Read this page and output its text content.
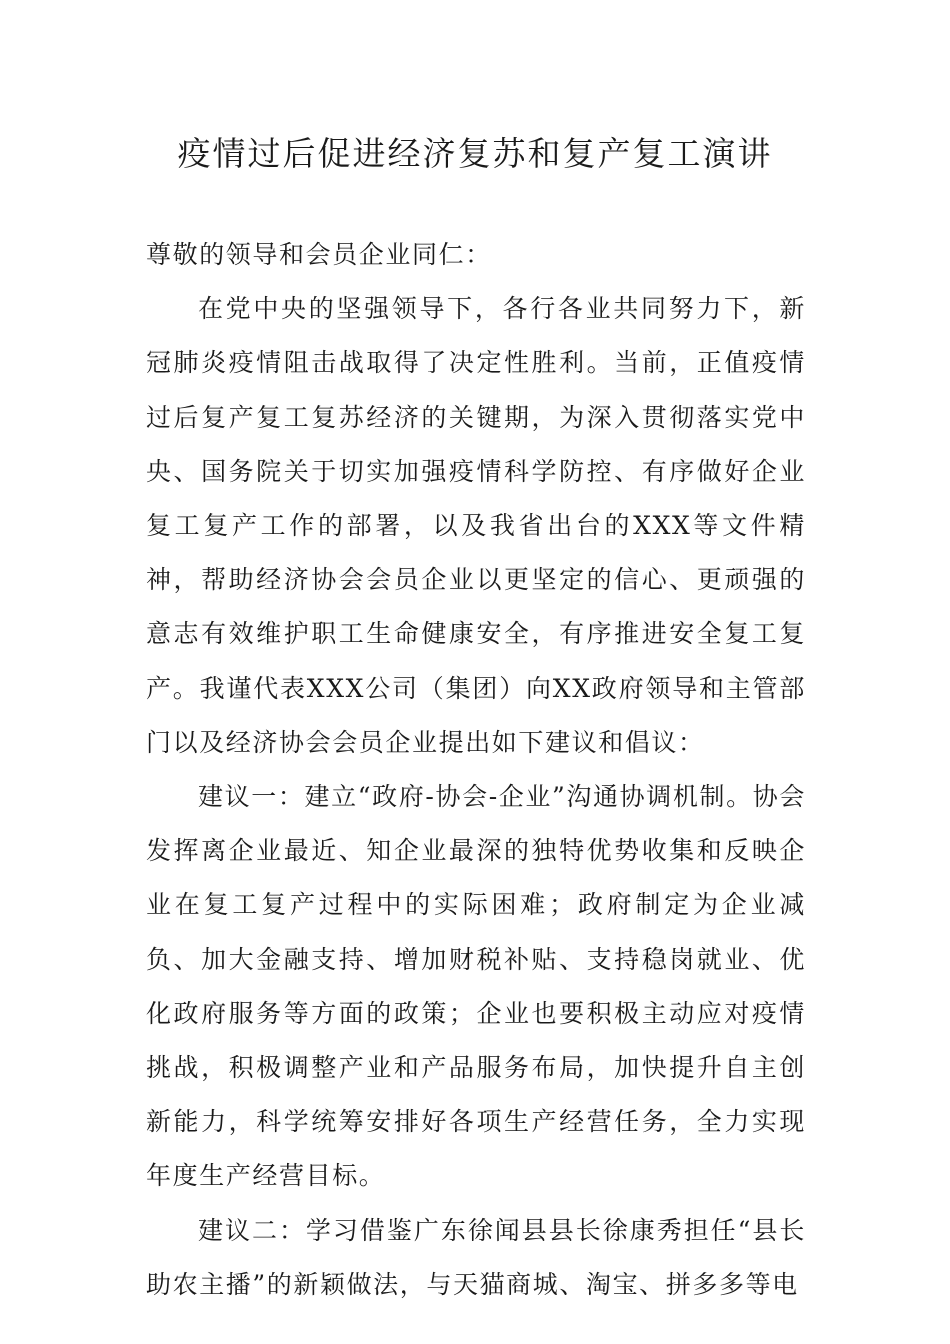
疫情过后促进经济复苏和复产复工演讲

尊敬的领导和会员企业同仁：

在党中央的坚强领导下，各行各业共同努力下，新冠肺炎疫情阻击战取得了决定性胜利。当前，正值疫情过后复产复工复苏经济的关键期，为深入贯彻落实党中央、国务院关于切实加强疫情科学防控、有序做好企业复工复产工作的部署，以及我省出台的XXX等文件精神，帮助经济协会会员企业以更坚定的信心、更顽强的意志有效维护职工生命健康安全，有序推进安全复工复产。我谨代表XXX公司（集团）向XX政府领导和主管部门以及经济协会会员企业提出如下建议和倡议：

建议一：建立“政府-协会-企业”沟通协调机制。协会发挥离企业最近、知企业最深的独特优势收集和反映企业在复工复产过程中的实际困难；政府制定为企业减负、加大金融支持、增加财税补贴、支持稳岗就业、优化政府服务等方面的政策；企业也要积极主动应对疫情挑战，积极调整产业和产品服务布局，加快提升自主创新能力，科学统筹安排好各项生产经营任务，全力实现年度生产经营目标。

建议二：学习借鉴广东徐闻县县长徐康秀担任“县长助农主播”的新颖做法，与天猫商城、淘宝、拼多多等电
